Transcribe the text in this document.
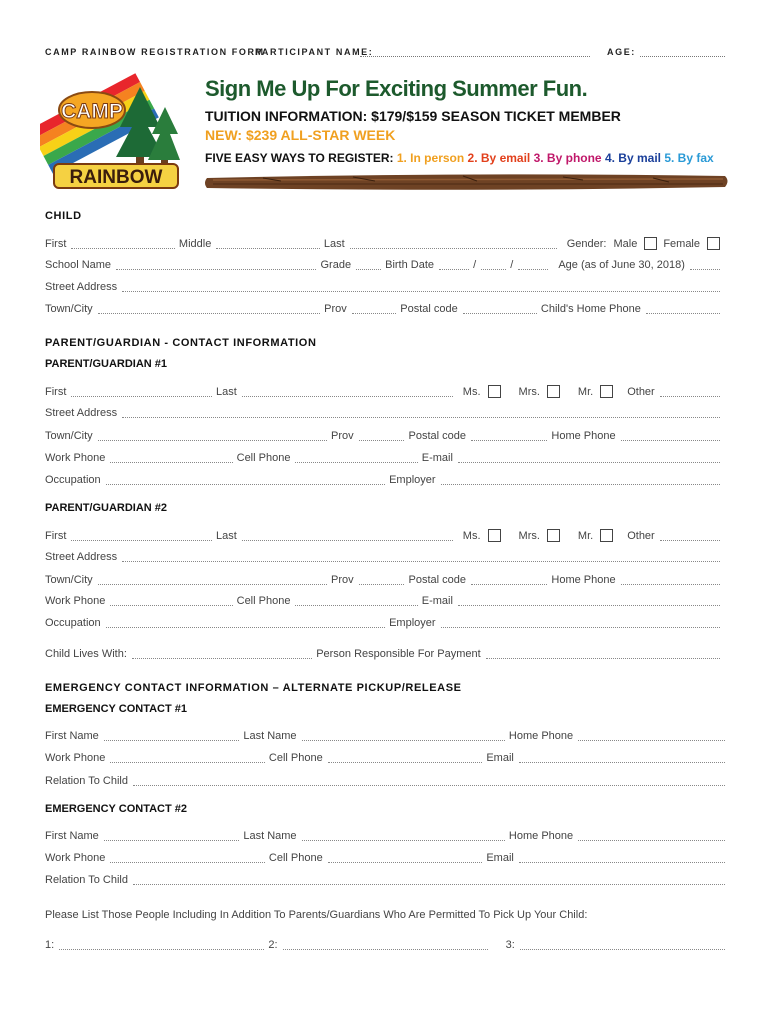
CAMP RAINBOW REGISTRATION FORM
PARTICIPANT NAME:	AGE:
CAMP
RAINBOW
Sign Me Up For Exciting Summer Fun.
TUITION INFORMATION: $179/$159 SEASON TICKET MEMBER
NEW: $239 ALL-STAR WEEK
FIVE EASY WAYS TO REGISTER: 1. In person 2. By email 3. By phone 4. By mail 5. By fax
CHILD
First	Middle	Last	Gender: Male Female
School Name	Grade	Birth Date	/	/	Age (as of June 30, 2018)
Street Address
Town/City	Prov	Postal code	Child's Home Phone
PARENT/GUARDIAN - CONTACT INFORMATION
PARENT/GUARDIAN #1
First	Last	Ms.	Mrs.	Mr.	Other
Street Address
Town/City	Prov	Postal code	Home Phone
Work Phone	Cell Phone	E-mail
Occupation	Employer
PARENT/GUARDIAN #2
First	Last	Ms.	Mrs.	Mr.	Other
Street Address
Town/City	Prov	Postal code	Home Phone
Work Phone	Cell Phone	E-mail
Occupation	Employer
Child Lives With:	Person Responsible For Payment
EMERGENCY CONTACT INFORMATION – ALTERNATE PICKUP/RELEASE
EMERGENCY CONTACT #1
First Name	Last Name	Home Phone
Work Phone	Cell Phone	Email
Relation To Child
EMERGENCY CONTACT #2
First Name	Last Name	Home Phone
Work Phone	Cell Phone	Email
Relation To Child
Please List Those People Including In Addition To Parents/Guardians Who Are Permitted To Pick Up Your Child:
1:	2:	3:
